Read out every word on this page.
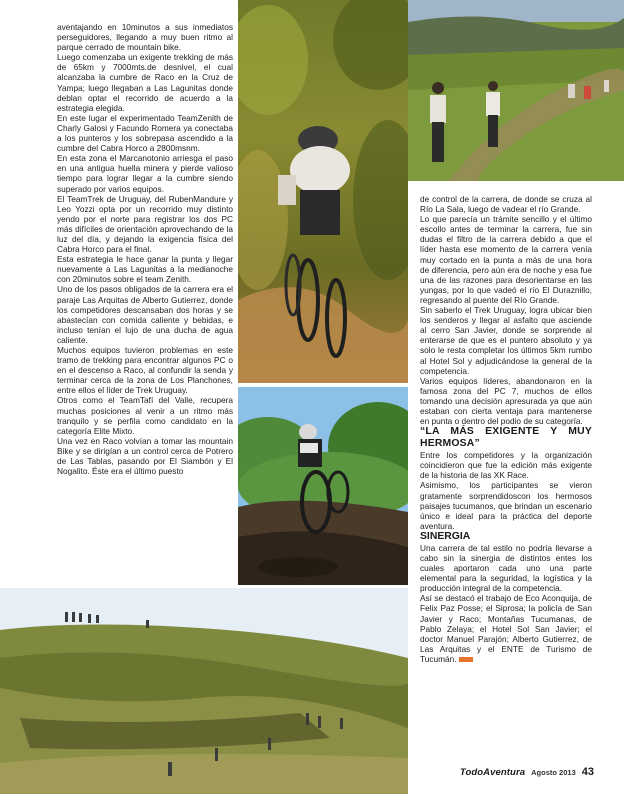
aventajando en 10minutos a sus inmediatos perseguidores, llegando a muy buen ritmo al parque cerrado de mountain bike.

Luego comenzaba un exigente trekking de más de 65km y 7000mts.de desnivel, el cual alcanzaba la cumbre de Raco en la Cruz de Yampa; luego llegaban a Las Lagunitas donde deblan optar el recorrido de acuerdo a la estrategia elegida.

En este lugar el experimentado TeamZenith de Charly Galosi y Facundo Romera ya conectaba a los punteros y los sobrepasa ascendido a la cumbre del Cabra Horco a 2800msnm.

En esta zona el Marcanotonio arriesga el paso en una antigua huella minera y pierde valioso tiempo para lograr llegar a la cumbre siendo superado por varios equipos.

El TeamTrek de Uruguay, del RubenMandure y Leo Yozzi opta por un recorrido muy distinto yendo por el norte para registrar los dos PC más difíciles de orientación aprovechando de la luz del día, y dejando la exigencia física del Cabra Horco para el final.

Esta estrategia le hace ganar la punta y llegar nuevamente a Las Lagunitas a la medianoche con 20minutos sobre el team Zenith.

Uno de los pasos obligados de la carrera era el paraje Las Arquitas de Alberto Gutierrez, donde los competidores descansaban dos horas y se abastecían con comida caliente y bebidas, e incluso tenían el lujo de una ducha de agua caliente.

Muchos equipos tuvieron problemas en este tramo de trekking para encontrar algunos PC o en el descenso a Raco, al confundir la senda y terminar cerca de la zona de Los Planchones, entre ellos el líder de Trek Uruguay.

Otros como el TeamTafí del Valle, recupera muchas posiciones al venir a un ritmo más tranquilo y se perfila como candidato en la categoría Elite Mixto.

Una vez en Raco volvían a tomar las mountain Bike y se dirigían a un control cerca de Potrero de Las Tablas, pasando por El Siambón y El Nogalito. Éste era el último puesto

de control de la carrera, de donde se cruza al Río La Sala, luego de vadear el río Grande.

Lo que parecía un trámite sencillo y el último escollo antes de terminar la carrera, fue sin dudas el filtro de la carrera debido a que el líder hasta ese momento de la carrera venía muy cortado en la punta a más de una hora de diferencia, pero aún era de noche y esa fue una de las razones para desorientarse en las yungas, por lo que vadeó el río El Duraznillo, regresando al puente del Río Grande.

Sin saberlo el Trek Uruguay, logra ubicar bien los senderos y llegar al asfalto que asciende al cerro San Javier, donde se sorprende al enterarse de que es el puntero absoluto y ya solo le resta completar los últimos 5km rumbo al Hotel Sol y adjudicándose la general de la competencia.

Varios equipos líderes, abandonaron en la famosa zona del PC 7, muchos de ellos tomando una decisión apresurada ya que aún estaban con cierta ventaja para mantenerse en punta o dentro del podio de su categoría.

“LA MÁS EXIGENTE Y MUY HERMOSA”

Entre los competidores y la organización coincidieron que fue la edición más exigente de la historia de las XK Race.

Asimismo, los participantes se vieron gratamente sorprendidoscon los hermosos paisajes tucumanos, que brindan un escenario único e ideal para la práctica del deporte aventura.

SINERGIA

Una carrera de tal estilo no podría llevarse a cabo sin la sinergia de distintos entes los cuales aportaron cada uno una parte elemental para la seguridad, la logística y la producción integral de la competencia.

Así se destacó el trabajo de Eco Aconquija, de Felix Paz Posse; el Siprosa; la policía de San Javier y Raco; Montañas Tucumanas, de Pablo Zelaya; el Hotel Sol San Javier; el doctor Manuel Parajón; Alberto Gutierrez, de Las Arquitas y el ENTE de Turismo de Tucumán.

TodoAventura Agosto 2013 43
